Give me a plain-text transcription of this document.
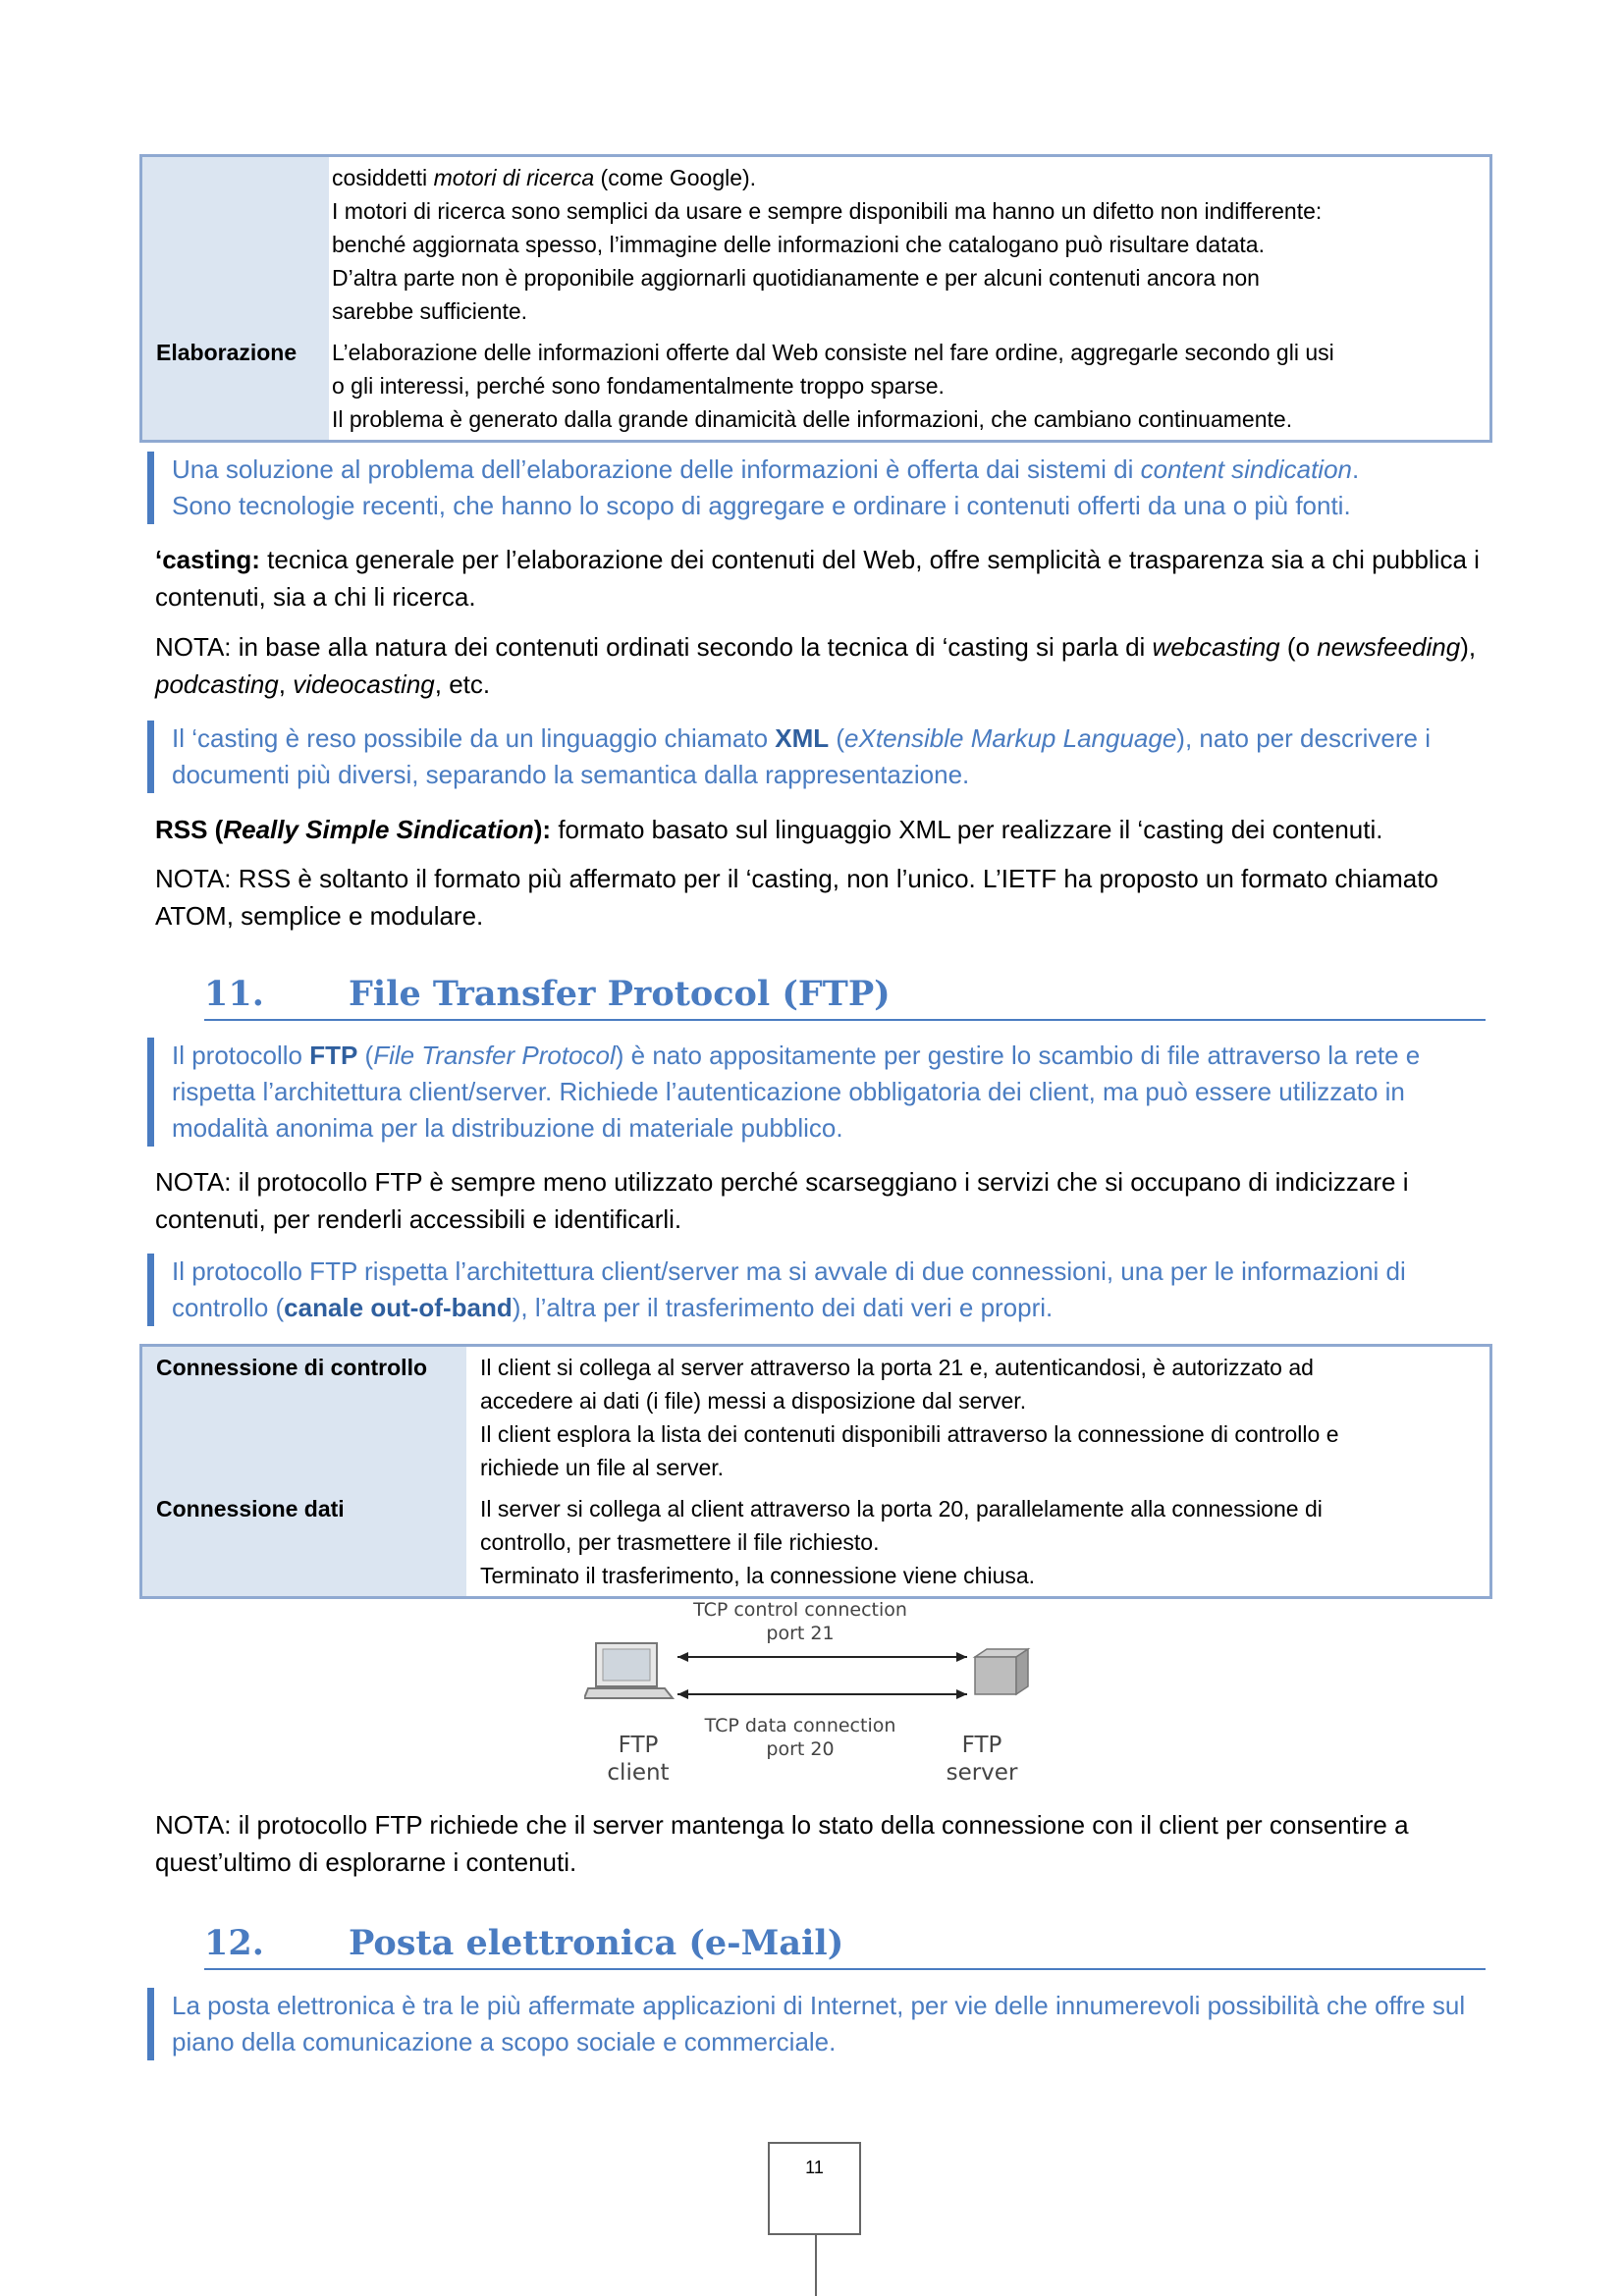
cosiddetti motori di ricerca (come Google).

I motori di ricerca sono semplici da usare e sempre disponibili ma hanno un difetto non indifferente:

benché aggiornata spesso, l’immagine delle informazioni che catalogano può risultare datata.

D’altra parte non è proponibile aggiornarli quotidianamente e per alcuni contenuti ancora non

sarebbe sufficiente.

Elaborazione	L’elaborazione delle informazioni offerte dal Web consiste nel fare ordine, aggregarle secondo gli usi

o gli interessi, perché sono fondamentalmente troppo sparse.

Il problema è generato dalla grande dinamicità delle informazioni, che cambiano continuamente.

Una soluzione al problema dell’elaborazione delle informazioni è offerta dai sistemi di content sindication.
Sono tecnologie recenti, che hanno lo scopo di aggregare e ordinare i contenuti offerti da una o più fonti.
‘casting: tecnica generale per l’elaborazione dei contenuti del Web, offre semplicità e trasparenza sia a chi pubblica i contenuti, sia a chi li ricerca.
NOTA: in base alla natura dei contenuti ordinati secondo la tecnica di ‘casting si parla di webcasting (o newsfeeding), podcasting, videocasting, etc.
Il ‘casting è reso possibile da un linguaggio chiamato XML (eXtensible Markup Language), nato per descrivere i documenti più diversi, separando la semantica dalla rappresentazione.
RSS (Really Simple Sindication): formato basato sul linguaggio XML per realizzare il ‘casting dei contenuti.
NOTA: RSS è soltanto il formato più affermato per il ‘casting, non l’unico. L’IETF ha proposto un formato chiamato ATOM, semplice e modulare.
11. File Transfer Protocol (FTP)
Il protocollo FTP (File Transfer Protocol) è nato appositamente per gestire lo scambio di file attraverso la rete e rispetta l’architettura client/server. Richiede l’autenticazione obbligatoria dei client, ma può essere utilizzato in modalità anonima per la distribuzione di materiale pubblico.
NOTA: il protocollo FTP è sempre meno utilizzato perché scarseggiano i servizi che si occupano di indicizzare i contenuti, per renderli accessibili e identificarli.
Il protocollo FTP rispetta l’architettura client/server ma si avvale di due connessioni, una per le informazioni di controllo (canale out-of-band), l’altra per il trasferimento dei dati veri e propri.
Connessione di controllo	Il client si collega al server attraverso la porta 21 e, autenticandosi, è autorizzato ad

accedere ai dati (i file) messi a disposizione dal server.

Il client esplora la lista dei contenuti disponibili attraverso la connessione di controllo e

richiede un file al server.

Connessione dati	Il server si collega al client attraverso la porta 20, parallelamente alla connessione di

controllo, per trasmettere il file richiesto.

Terminato il trasferimento, la connessione viene chiusa.

TCP control connection
port 21
TCP data connection
port 20
FTP
client
FTP
server
NOTA: il protocollo FTP richiede che il server mantenga lo stato della connessione con il client per consentire a quest’ultimo di esplorarne i contenuti.
12. Posta elettronica (e-Mail)
La posta elettronica è tra le più affermate applicazioni di Internet, per vie delle innumerevoli possibilità che offre sul piano della comunicazione a scopo sociale e commerciale.
11
